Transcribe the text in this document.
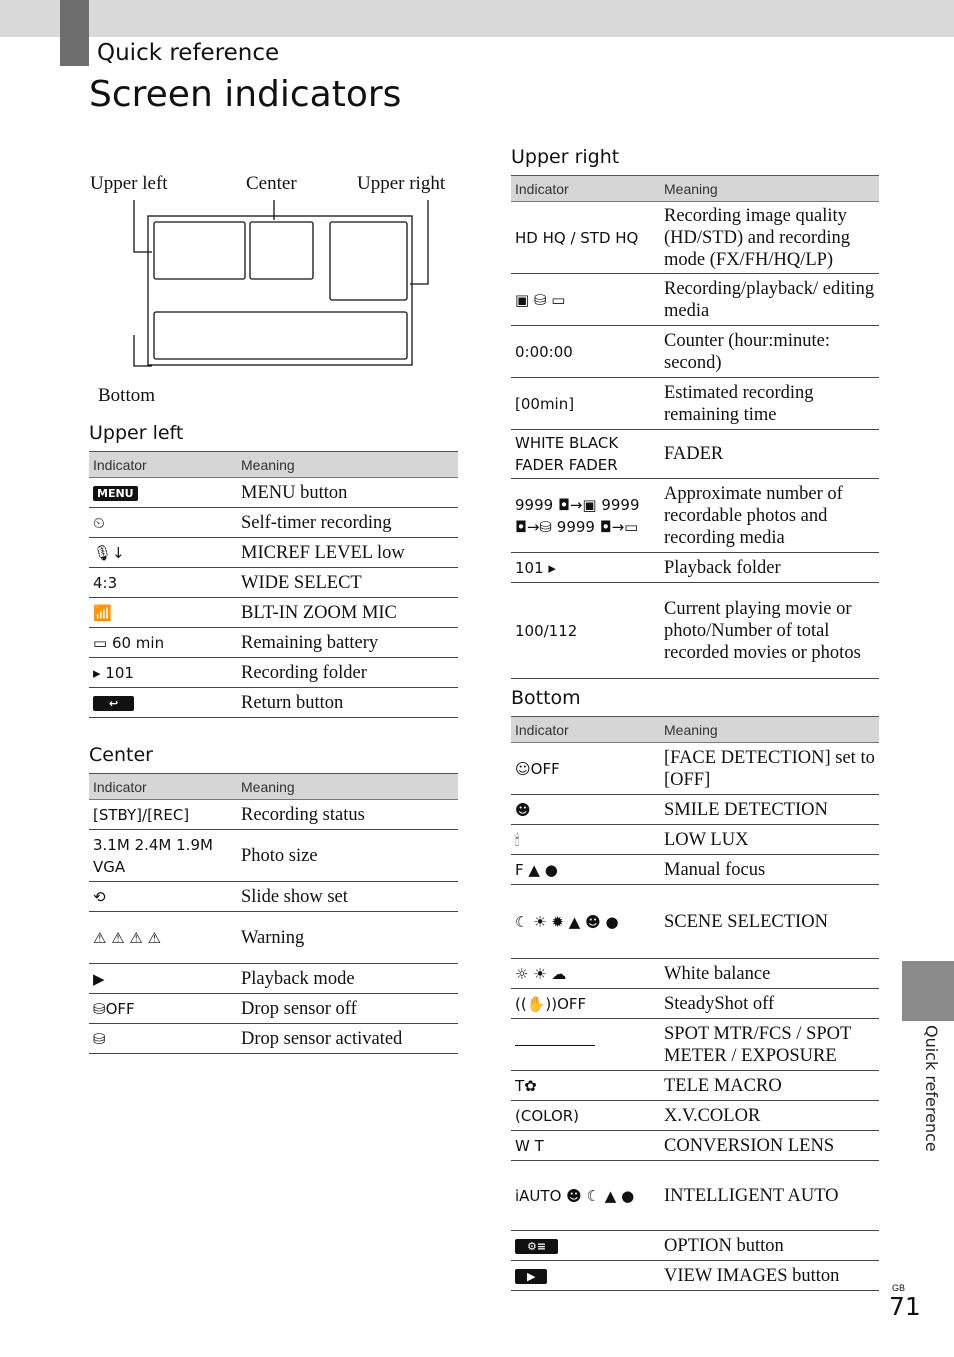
Quick reference
Screen indicators
Upper left	Center	Upper right
Bottom
Upper left
Indicator	Meaning
MENU	MENU button
⏲	Self-timer recording
🎙↓	MICREF LEVEL low
4:3	WIDE SELECT
📶	BLT-IN ZOOM MIC
▭ 60 min	Remaining battery
▸ 101	Recording folder
↩	Return button
Center
Indicator	Meaning
[STBY]/[REC]	Recording status
3.1M 2.4M 1.9M VGA	Photo size
⟲	Slide show set
⚠ ⚠ ⚠ ⚠	Warning
▶	Playback mode
⛁OFF	Drop sensor off
⛁	Drop sensor activated
Upper right
Indicator	Meaning
HD HQ / STD HQ	Recording image quality (HD/STD) and recording mode (FX/FH/HQ/LP)
▣ ⛁ ▭	Recording/playback/ editing media
0:00:00	Counter (hour:minute: second)
[00min]	Estimated recording remaining time
WHITE BLACK FADER FADER	FADER
9999 ◘→▣ 9999 ◘→⛁ 9999 ◘→▭	Approximate number of recordable photos and recording media
101 ▸	Playback folder
100/112	Current playing movie or photo/Number of total recorded movies or photos
Bottom
Indicator	Meaning
☺OFF	[FACE DETECTION] set to [OFF]
☻	SMILE DETECTION
🕯	LOW LUX
F ▲ ●	Manual focus
☾ ☀ ✹ ▲ ☻ ●	SCENE SELECTION
☼ ☀ ☁	White balance
((✋))OFF	SteadyShot off
	SPOT MTR/FCS / SPOT METER / EXPOSURE
T✿	TELE MACRO
(COLOR)	X.V.COLOR
W T	CONVERSION LENS
iAUTO ☻ ☾ ▲ ●	INTELLIGENT AUTO
⚙≡	OPTION button
▶	VIEW IMAGES button
Quick reference
GB
71
